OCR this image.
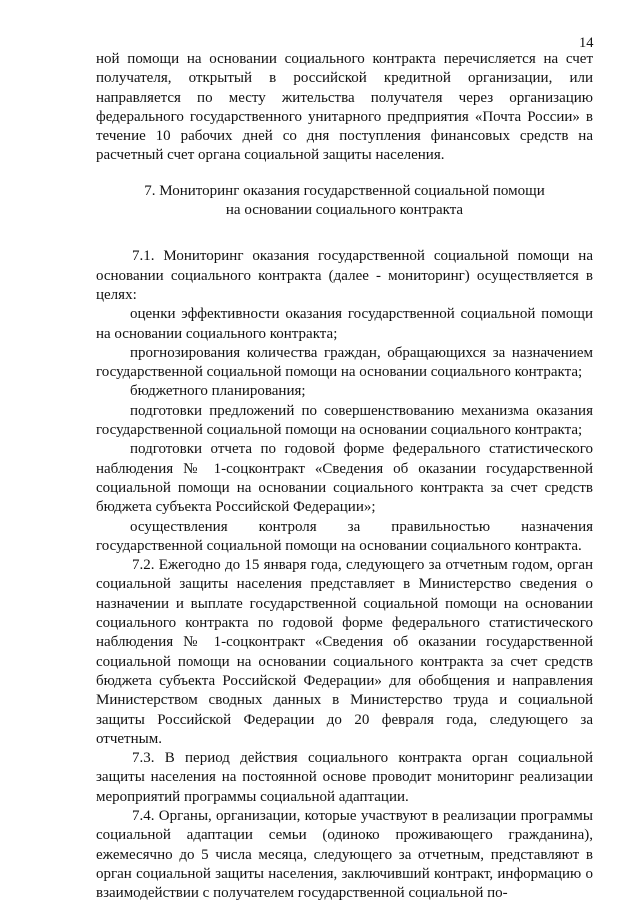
14

ной помощи на основании социального контракта перечисляется на счет получателя, открытый в российской кредитной организации, или направляется по месту жительства получателя через организацию федерального государственного унитарного предприятия «Почта России» в течение 10 рабочих дней со дня поступления финансовых средств на расчетный счет органа социальной защиты населения.

7. Мониторинг оказания государственной социальной помощи
на основании социального контракта

7.1. Мониторинг оказания государственной социальной помощи на основании социального контракта (далее - мониторинг) осуществляется в целях:

оценки эффективности оказания государственной социальной помощи на основании социального контракта;

прогнозирования количества граждан, обращающихся за назначением государственной социальной помощи на основании социального контракта;

бюджетного планирования;

подготовки предложений по совершенствованию механизма оказания государственной социальной помощи на основании социального контракта;

подготовки отчета по годовой форме федерального статистического наблюдения № 1-соцконтракт «Сведения об оказании государственной социальной помощи на основании социального контракта за счет средств бюджета субъекта Российской Федерации»;

осуществления контроля за правильностью назначения государственной социальной помощи на основании социального контракта.

7.2. Ежегодно до 15 января года, следующего за отчетным годом, орган социальной защиты населения представляет в Министерство сведения о назначении и выплате государственной социальной помощи на основании социального контракта по годовой форме федерального статистического наблюдения № 1-соцконтракт «Сведения об оказании государственной социальной помощи на основании социального контракта за счет средств бюджета субъекта Российской Федерации» для обобщения и направления Министерством сводных данных в Министерство труда и социальной защиты Российской Федерации до 20 февраля года, следующего за отчетным.

7.3. В период действия социального контракта орган социальной защиты населения на постоянной основе проводит мониторинг реализации мероприятий программы социальной адаптации.

7.4. Органы, организации, которые участвуют в реализации программы социальной адаптации семьи (одиноко проживающего гражданина), ежемесячно до 5 числа месяца, следующего за отчетным, представляют в орган социальной защиты населения, заключивший контракт, информацию о взаимодействии с получателем государственной социальной по-
